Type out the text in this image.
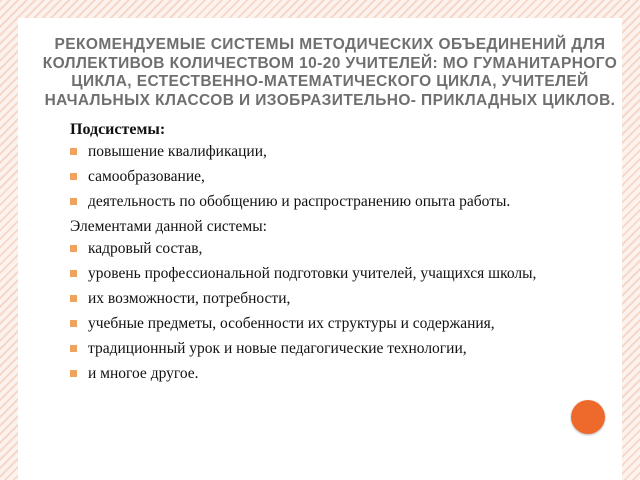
РЕКОМЕНДУЕМЫЕ СИСТЕМЫ МЕТОДИЧЕСКИХ ОБЪЕДИНЕНИЙ ДЛЯ КОЛЛЕКТИВОВ КОЛИЧЕСТВОМ 10-20 УЧИТЕЛЕЙ: МО ГУМАНИТАРНОГО ЦИКЛА, ЕСТЕСТВЕННО-МАТЕМАТИЧЕСКОГО ЦИКЛА, УЧИТЕЛЕЙ НАЧАЛЬНЫХ КЛАССОВ И ИЗОБРАЗИТЕЛЬНО- ПРИКЛАДНЫХ ЦИКЛОВ.
Подсистемы:
повышение квалификации,
самообразование,
деятельность по обобщению и распространению опыта работы.
Элементами данной системы:
кадровый состав,
уровень профессиональной подготовки учителей, учащихся школы,
их возможности, потребности,
учебные предметы, особенности их структуры и содержания,
традиционный урок и новые педагогические технологии,
и многое другое.
